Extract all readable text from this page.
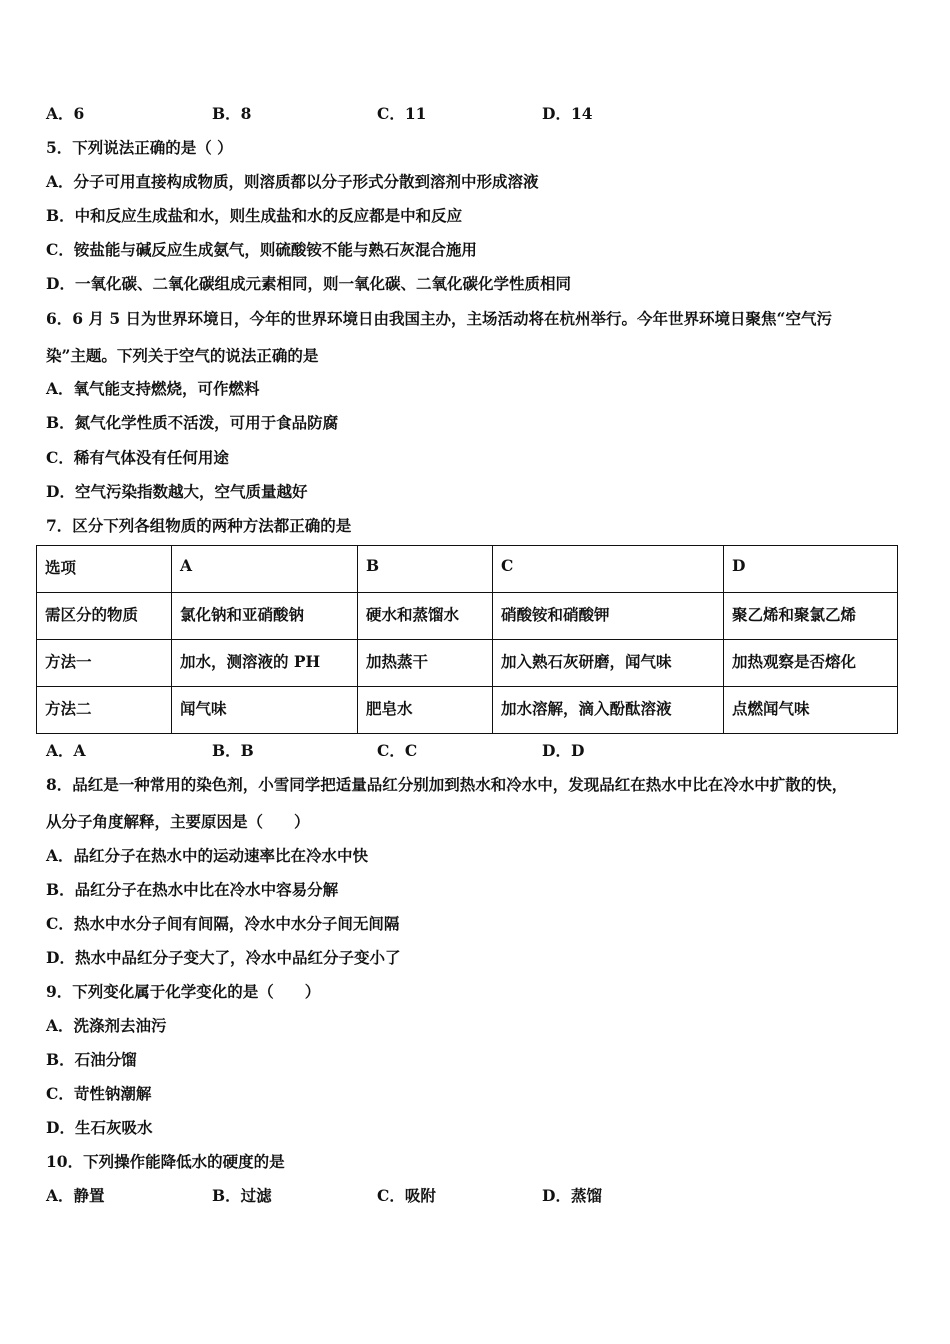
A．6	B．8	C．11	D．14
5．下列说法正确的是（ ）
A．分子可用直接构成物质，则溶质都以分子形式分散到溶剂中形成溶液
B．中和反应生成盐和水，则生成盐和水的反应都是中和反应
C．铵盐能与碱反应生成氨气，则硫酸铵不能与熟石灰混合施用
D．一氧化碳、二氧化碳组成元素相同，则一氧化碳、二氧化碳化学性质相同
6．6 月 5 日为世界环境日，今年的世界环境日由我国主办，主场活动将在杭州举行。今年世界环境日聚焦“空气污
染”主题。下列关于空气的说法正确的是
A．氧气能支持燃烧，可作燃料
B．氮气化学性质不活泼，可用于食品防腐
C．稀有气体没有任何用途
D．空气污染指数越大，空气质量越好
7．区分下列各组物质的两种方法都正确的是
选项	A	B	C	D
需区分的物质	氯化钠和亚硝酸钠	硬水和蒸馏水	硝酸铵和硝酸钾	聚乙烯和聚氯乙烯
方法一	加水，测溶液的 PH	加热蒸干	加入熟石灰研磨，闻气味	加热观察是否熔化
方法二	闻气味	肥皂水	加水溶解，滴入酚酞溶液	点燃闻气味
A．A	B．B	C．C	D．D
8．品红是一种常用的染色剂，小雪同学把适量品红分别加到热水和冷水中，发现品红在热水中比在冷水中扩散的快，
从分子角度解释，主要原因是（　　）
A．品红分子在热水中的运动速率比在冷水中快
B．品红分子在热水中比在冷水中容易分解
C．热水中水分子间有间隔，冷水中水分子间无间隔
D．热水中品红分子变大了，冷水中品红分子变小了
9．下列变化属于化学变化的是（　　）
A．洗涤剂去油污
B．石油分馏
C．苛性钠潮解
D．生石灰吸水
10．下列操作能降低水的硬度的是
A．静置	B．过滤	C．吸附	D．蒸馏
